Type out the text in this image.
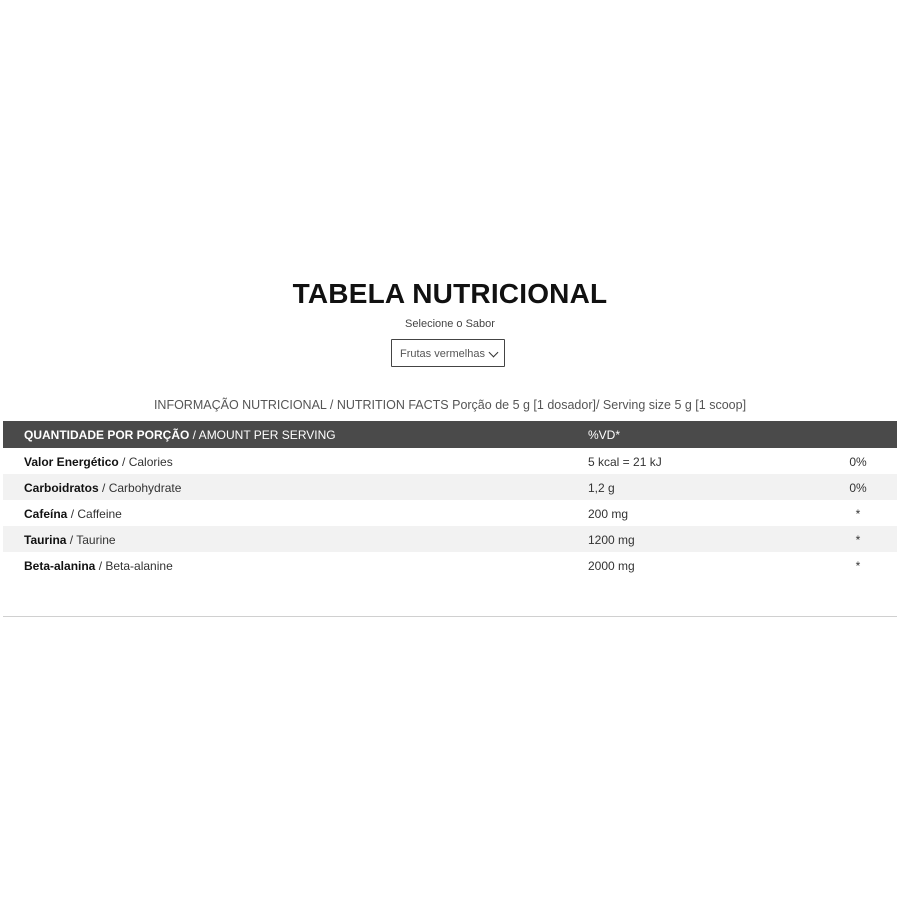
TABELA NUTRICIONAL
Selecione o Sabor
Frutas vermelhas
INFORMAÇÃO NUTRICIONAL / NUTRITION FACTS Porção de 5 g [1 dosador]/ Serving size 5 g [1 scoop]
QUANTIDADE POR PORÇÃO / AMOUNT PER SERVING	%VD*
Valor Energético / Calories	5 kcal = 21 kJ	0%
Carboidratos / Carbohydrate	1,2 g	0%
Cafeína / Caffeine	200 mg	*
Taurina / Taurine	1200 mg	*
Beta-alanina / Beta-alanine	2000 mg	*
